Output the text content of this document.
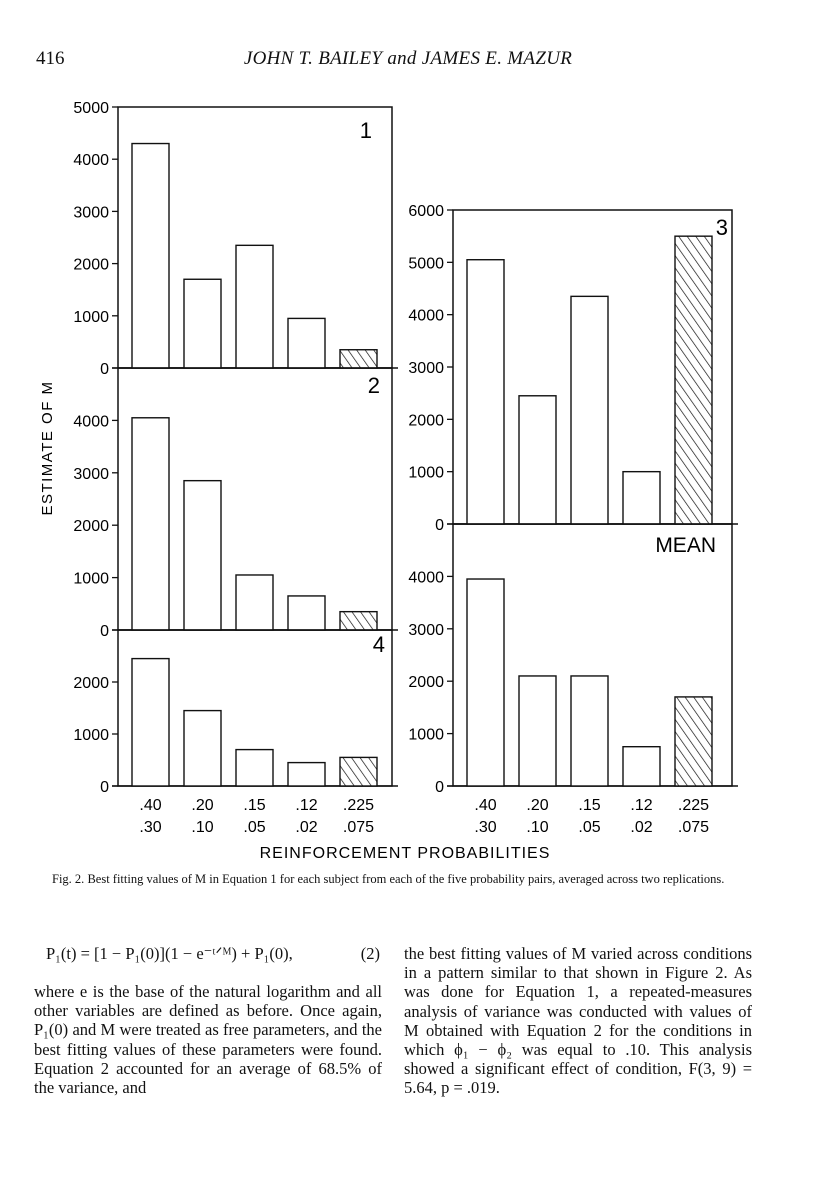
416	JOHN T. BAILEY and JAMES E. MAZUR
0
1000
2000
3000
4000
5000
1
0
1000
2000
3000
4000
2
0
1000
2000
4
0
1000
2000
3000
4000
5000
6000
3
0
1000
2000
3000
4000
MEAN
ESTIMATE OF M
REINFORCEMENT PROBABILITIES
.40
.30
.20
.10
.15
.05
.12
.02
.225
.075
.40
.30
.20
.10
.15
.05
.12
.02
.225
.075
Fig. 2. Best fitting values of M in Equation 1 for each subject from each of the five probability pairs, averaged across two replications.
P₁(t) = [1 − P₁(0)](1 − e⁻ᵗᐟᴹ) + P₁(0),	(2)

where e is the base of the natural logarithm and all other variables are defined as before. Once again, P₁(0) and M were treated as free parameters, and the best fitting values of these parameters were found. Equation 2 accounted for an average of 68.5% of the variance, and

the best fitting values of M varied across conditions in a pattern similar to that shown in Figure 2. As was done for Equation 1, a repeated-measures analysis of variance was conducted with values of M obtained with Equation 2 for the conditions in which ϕ₁ − ϕ₂ was equal to .10. This analysis showed a significant effect of condition, F(3, 9) = 5.64, p = .019.
